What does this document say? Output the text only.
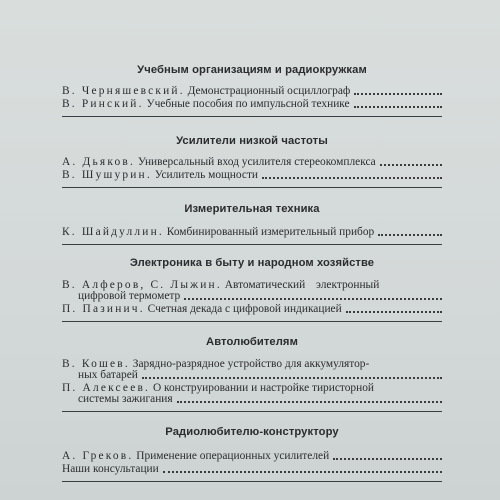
Учебным организациям и радиокружкам
В. Черняшевский. Демонстрационный осциллограф
В. Ринский. Учебные пособия по импульсной технике
Усилители низкой частоты
А. Дьяков. Универсальный вход усилителя стереокомплекса
В. Шушурин. Усилитель мощности
Измерительная техника
К. Шайдуллин. Комбинированный измерительный прибор
Электроника в быту и народном хозяйстве
В. Алферов, С. Лыжин. Автоматический электронный
цифровой термометр
П. Пазинич. Счетная декада с цифровой индикацией
Автолюбителям
В. Кошев. Зарядно-разрядное устройство для аккумулятор-
ных батарей
П. Алексеев. О конструировании и настройке тиристорной
системы зажигания
Радиолюбителю-конструктору
А. Греков. Применение операционных усилителей
Наши консультации
